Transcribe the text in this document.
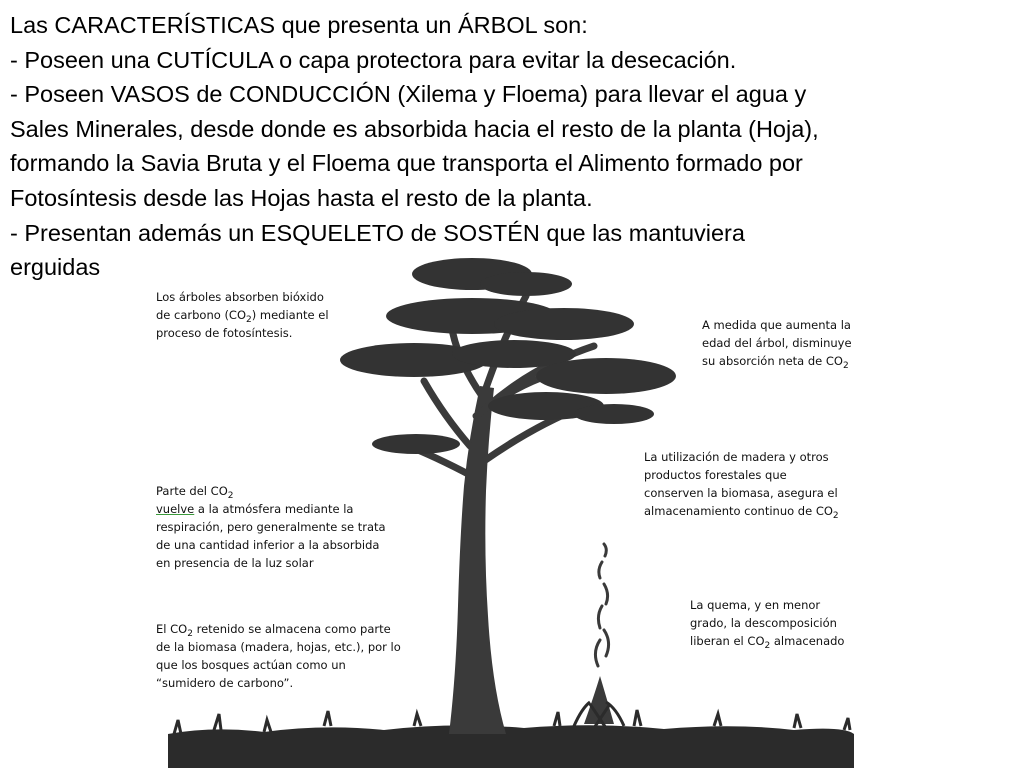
Las CARACTERÍSTICAS que presenta un ÁRBOL son:
- Poseen una CUTÍCULA o capa protectora para evitar la desecación.
- Poseen VASOS de CONDUCCIÓN (Xilema y Floema) para llevar el agua y
Sales Minerales, desde donde es absorbida hacia el resto de la planta (Hoja),
formando la Savia Bruta y el Floema que transporta el Alimento formado por
Fotosíntesis desde las Hojas hasta el resto de la planta.
- Presentan además un ESQUELETO de SOSTÉN que las mantuviera
erguidas
Los árboles absorben bióxido
de carbono $(CO_2)$ mediante el
proceso de fotosíntesis.
A medida que aumenta la
edad del árbol, disminuye
su absorción neta de $CO_2$
La utilización de madera y otros
productos forestales que
conserven la biomasa, asegura el
almacenamiento continuo de $CO_2$
Parte del $CO_2$
vuelve a la atmósfera mediante la
respiración, pero generalmente se trata
de una cantidad inferior a la absorbida
en presencia de la luz solar
La quema, y en menor
grado, la descomposición
liberan el $CO_2$ almacenado
El $CO_2$ retenido se almacena como parte
de la biomasa (madera, hojas, etc.), por lo
que los bosques actúan como un
“sumidero de carbono”.
